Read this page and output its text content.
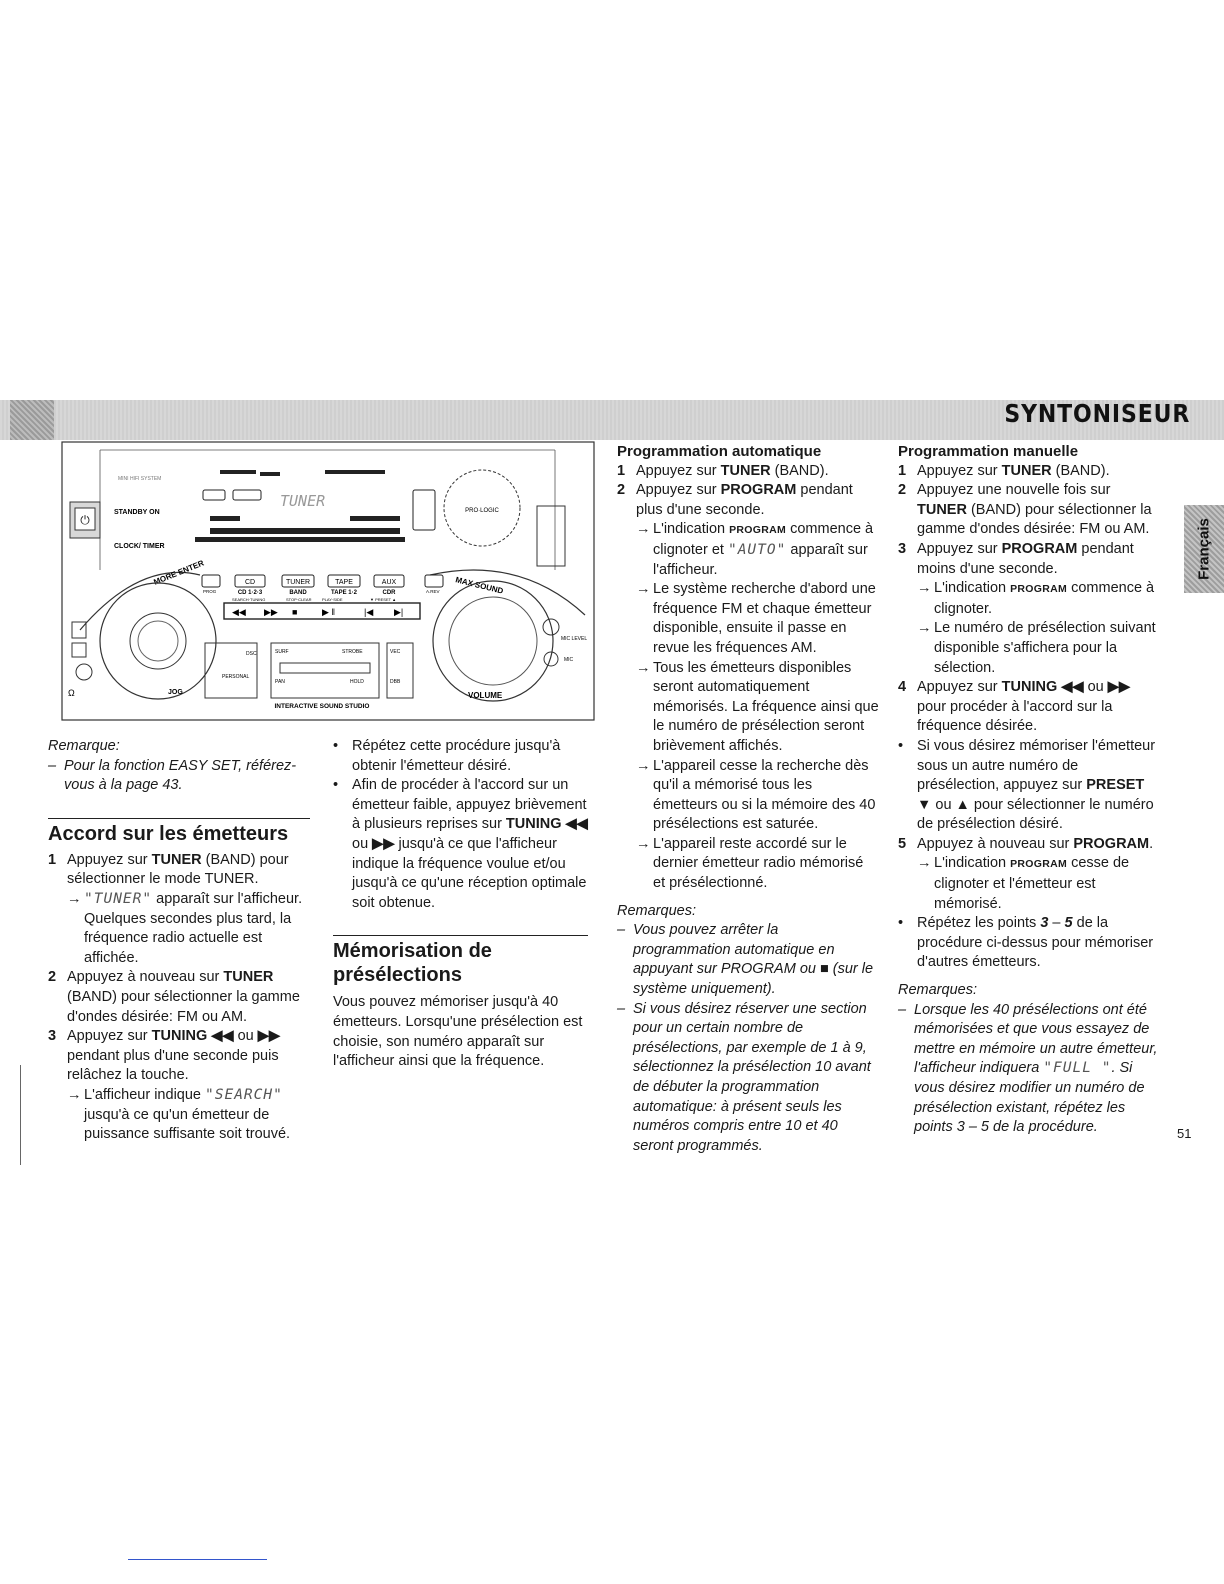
SYNTONISEUR
Français
MINI HIFI SYSTEM
TUNER
⏻
STANDBY ON
CLOCK/ TIMER
PRO·LOGIC
MORE ENTER
MAX SOUND
JOG	VOLUME
MIC LEVEL
MIC
CD	TUNER	TAPE	AUX
PROG	A.REV
CD 1·2·3	BAND	TAPE 1·2	CDR
SEARCH·TUNING	STOP·CLEAR	PLAY·SIDE	▼ PRESET ▲
◀◀ ▶▶ ■	▶ ‖	|◀ ▶|
DSC
PERSONAL
SURF	STROBE
PAN	HOLD
VEC
DBB
INTERACTIVE SOUND STUDIO
Ω

Remarque:

– Pour la fonction EASY SET, référez-vous à la page 43.

Accord sur les émetteurs

1 Appuyez sur TUNER (BAND) pour sélectionner le mode TUNER.
→ "TUNER" apparaît sur l'afficheur. Quelques secondes plus tard, la fréquence radio actuelle est affichée.
2 Appuyez à nouveau sur TUNER (BAND) pour sélectionner la gamme d'ondes désirée: FM ou AM.
3 Appuyez sur TUNING ◀◀ ou ▶▶ pendant plus d'une seconde puis relâchez la touche.
→ L'afficheur indique "SEARCH" jusqu'à ce qu'un émetteur de puissance suffisante soit trouvé.
• Répétez cette procédure jusqu'à obtenir l'émetteur désiré.
• Afin de procéder à l'accord sur un émetteur faible, appuyez brièvement à plusieurs reprises sur TUNING ◀◀ ou ▶▶ jusqu'à ce que l'afficheur indique la fréquence voulue et/ou jusqu'à ce qu'une réception optimale soit obtenue.

Mémorisation de présélections

Vous pouvez mémoriser jusqu'à 40 émetteurs. Lorsqu'une présélection est choisie, son numéro apparaît sur l'afficheur ainsi que la fréquence.

Programmation automatique

1 Appuyez sur TUNER (BAND).
2 Appuyez sur PROGRAM pendant plus d'une seconde.
→ L'indication PROGRAM commence à clignoter et "AUTO" apparaît sur l'afficheur.
→ Le système recherche d'abord une fréquence FM et chaque émetteur disponible, ensuite il passe en revue les fréquences AM.
→ Tous les émetteurs disponibles seront automatiquement mémorisés. La fréquence ainsi que le numéro de présélection seront brièvement affichés.
→ L'appareil cesse la recherche dès qu'il a mémorisé tous les émetteurs ou si la mémoire des 40 présélections est saturée.
→ L'appareil reste accordé sur le dernier émetteur radio mémorisé et présélectionné.

Remarques:

– Vous pouvez arrêter la programmation automatique en appuyant sur PROGRAM ou ■ (sur le système uniquement).
– Si vous désirez réserver une section pour un certain nombre de présélections, par exemple de 1 à 9, sélectionnez la présélection 10 avant de débuter la programmation automatique: à présent seuls les numéros compris entre 10 et 40 seront programmés.

Programmation manuelle

1 Appuyez sur TUNER (BAND).
2 Appuyez une nouvelle fois sur TUNER (BAND) pour sélectionner la gamme d'ondes désirée: FM ou AM.
3 Appuyez sur PROGRAM pendant moins d'une seconde.
→ L'indication PROGRAM commence à clignoter.
→ Le numéro de présélection suivant disponible s'affichera pour la sélection.
4 Appuyez sur TUNING ◀◀ ou ▶▶ pour procéder à l'accord sur la fréquence désirée.
• Si vous désirez mémoriser l'émetteur sous un autre numéro de présélection, appuyez sur PRESET ▼ ou ▲ pour sélectionner le numéro de présélection désiré.
5 Appuyez à nouveau sur PROGRAM.
→ L'indication PROGRAM cesse de clignoter et l'émetteur est mémorisé.
• Répétez les points 3 – 5 de la procédure ci-dessus pour mémoriser d'autres émetteurs.

Remarques:

– Lorsque les 40 présélections ont été mémorisées et que vous essayez de mettre en mémoire un autre émetteur, l'afficheur indiquera "FULL ". Si vous désirez modifier un numéro de présélection existant, répétez les points 3 – 5 de la procédure.	51
